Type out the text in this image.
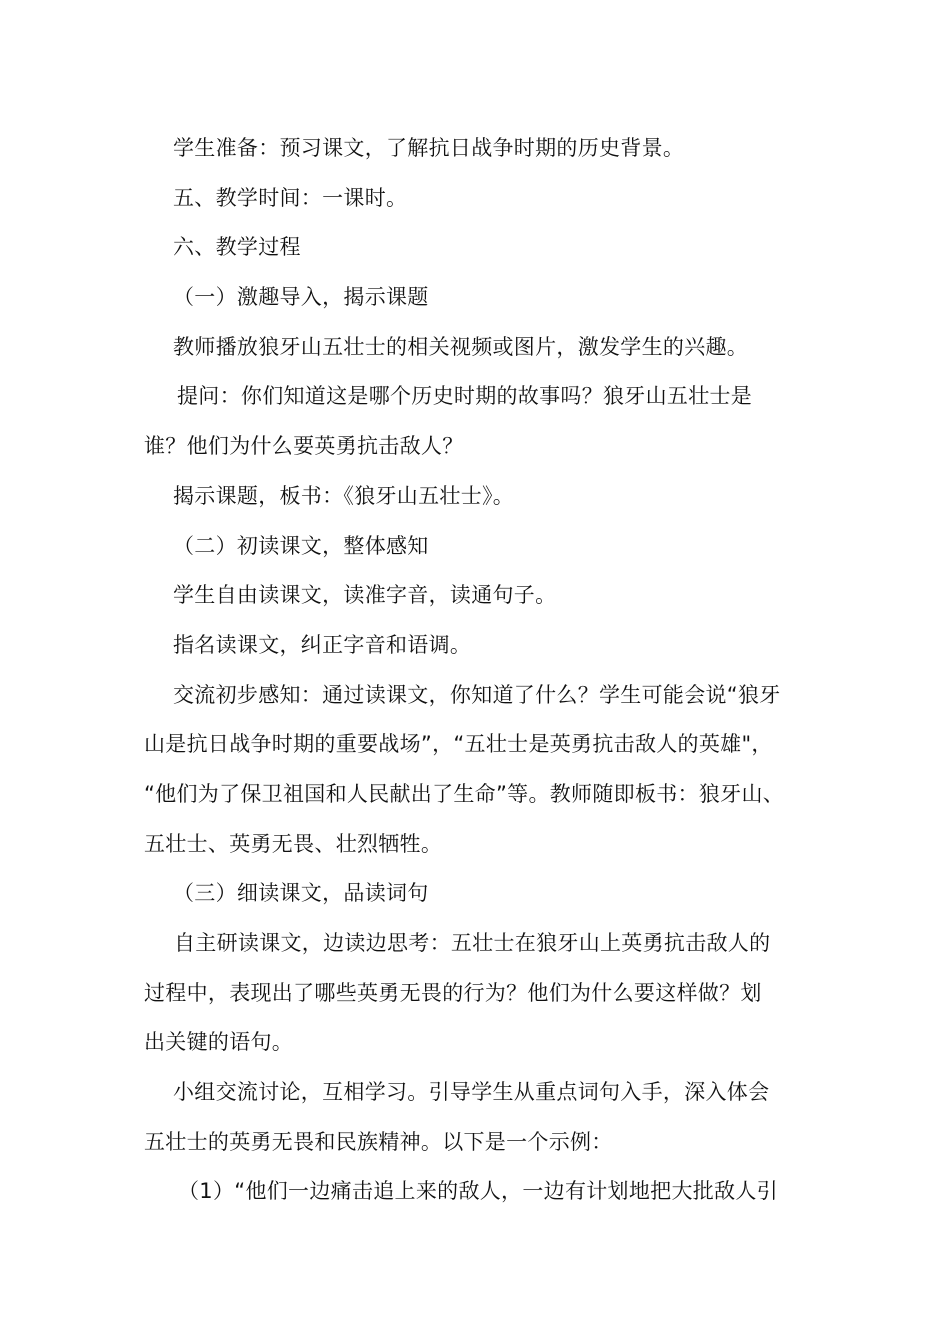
学生准备：预习课文，了解抗日战争时期的历史背景。
五、教学时间：一课时。
六、教学过程
（一）激趣导入，揭示课题
教师播放狼牙山五壮士的相关视频或图片，激发学生的兴趣。
提问：你们知道这是哪个历史时期的故事吗？狼牙山五壮士是
谁？他们为什么要英勇抗击敌人？
揭示课题，板书：《狼牙山五壮士》。
（二）初读课文，整体感知
学生自由读课文，读准字音，读通句子。
指名读课文，纠正字音和语调。
交流初步感知：通过读课文，你知道了什么？学生可能会说“狼牙
山是抗日战争时期的重要战场”，“五壮士是英勇抗击敌人的英雄"，
“他们为了保卫祖国和人民献出了生命”等。教师随即板书：狼牙山、
五壮士、英勇无畏、壮烈牺牲。
（三）细读课文，品读词句
自主研读课文，边读边思考：五壮士在狼牙山上英勇抗击敌人的
过程中，表现出了哪些英勇无畏的行为？他们为什么要这样做？划
出关键的语句。
小组交流讨论，互相学习。引导学生从重点词句入手，深入体会
五壮士的英勇无畏和民族精神。以下是一个示例：
（1）“他们一边痛击追上来的敌人，一边有计划地把大批敌人引
